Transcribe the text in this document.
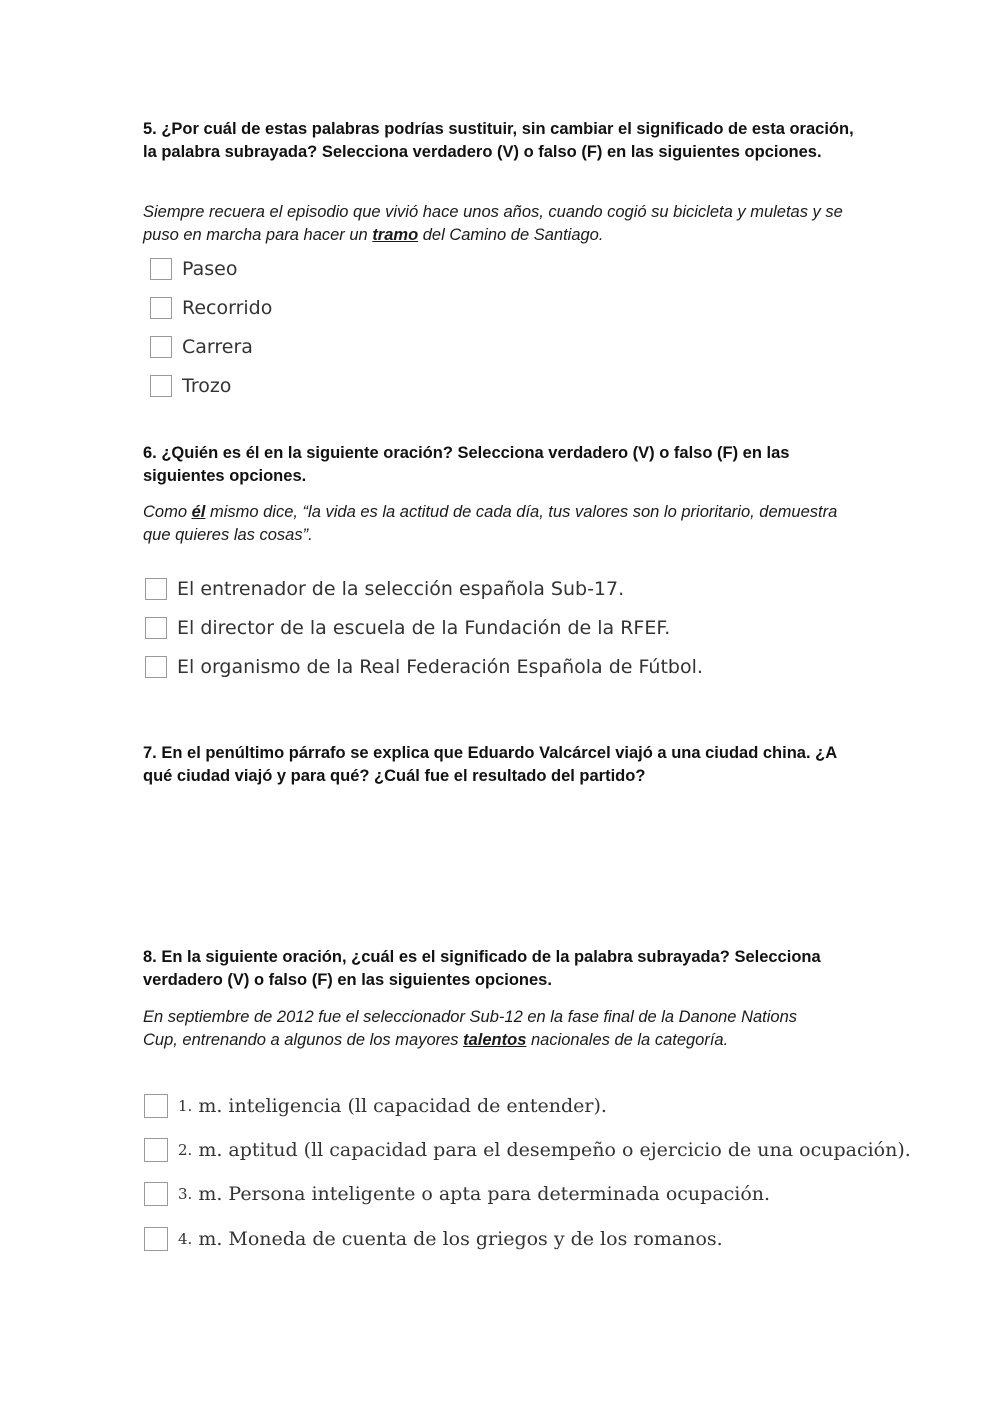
5. ¿Por cuál de estas palabras podrías sustituir, sin cambiar el significado de esta oración, la palabra subrayada? Selecciona verdadero (V) o falso (F) en las siguientes opciones.
Siempre recuera el episodio que vivió hace unos años, cuando cogió su bicicleta y muletas y se puso en marcha para hacer un tramo del Camino de Santiago.
Paseo
Recorrido
Carrera
Trozo
6. ¿Quién es él en la siguiente oración? Selecciona verdadero (V) o falso (F) en las siguientes opciones.
Como él mismo dice, “la vida es la actitud de cada día, tus valores son lo prioritario, demuestra que quieres las cosas”.
El entrenador de la selección española Sub-17.
El director de la escuela de la Fundación de la RFEF.
El organismo de la Real Federación Española de Fútbol.
7. En el penúltimo párrafo se explica que Eduardo Valcárcel viajó a una ciudad china. ¿A qué ciudad viajó y para qué? ¿Cuál fue el resultado del partido?
8. En la siguiente oración, ¿cuál es el significado de la palabra subrayada? Selecciona verdadero (V) o falso (F) en las siguientes opciones.
En septiembre de 2012 fue el seleccionador Sub-12 en la fase final de la Danone Nations Cup, entrenando a algunos de los mayores talentos nacionales de la categoría.
1. m. inteligencia (ll capacidad de entender).
2. m. aptitud (ll capacidad para el desempeño o ejercicio de una ocupación).
3. m. Persona inteligente o apta para determinada ocupación.
4. m. Moneda de cuenta de los griegos y de los romanos.
